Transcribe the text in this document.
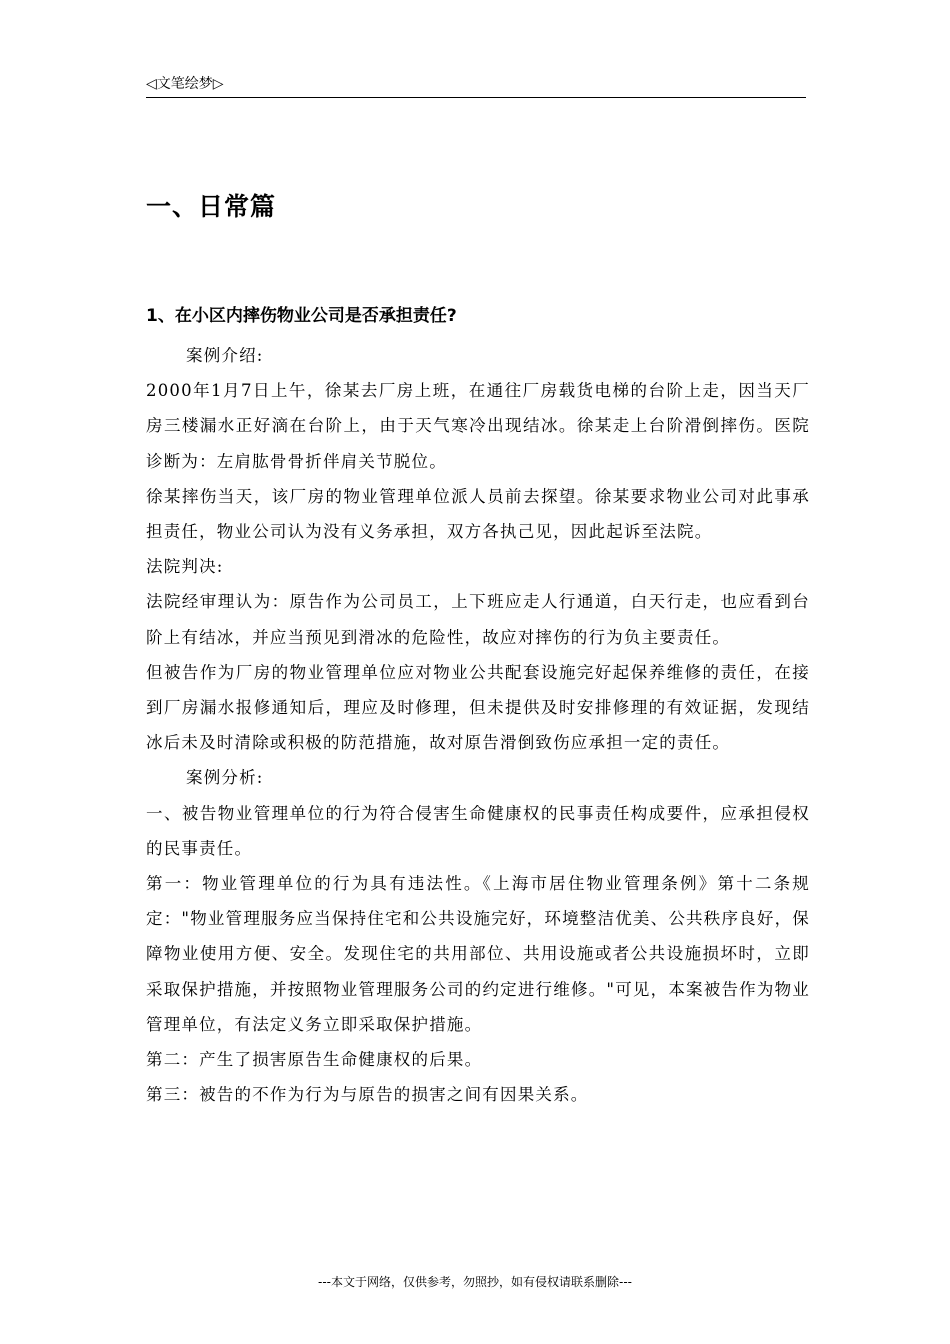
◁文笔绘梦▷
一、日常篇
1、在小区内摔伤物业公司是否承担责任?

案例介绍:

2000年1月7日上午，徐某去厂房上班，在通往厂房载货电梯的台阶上走，因当天厂房三楼漏水正好滴在台阶上，由于天气寒冷出现结冰。徐某走上台阶滑倒摔伤。医院诊断为：左肩肱骨骨折伴肩关节脱位。

徐某摔伤当天，该厂房的物业管理单位派人员前去探望。徐某要求物业公司对此事承担责任，物业公司认为没有义务承担，双方各执己见，因此起诉至法院。

法院判决:

法院经审理认为：原告作为公司员工，上下班应走人行通道，白天行走，也应看到台阶上有结冰，并应当预见到滑冰的危险性，故应对摔伤的行为负主要责任。

但被告作为厂房的物业管理单位应对物业公共配套设施完好起保养维修的责任，在接到厂房漏水报修通知后，理应及时修理，但未提供及时安排修理的有效证据，发现结冰后未及时清除或积极的防范措施，故对原告滑倒致伤应承担一定的责任。

案例分析:

一、被告物业管理单位的行为符合侵害生命健康权的民事责任构成要件，应承担侵权的民事责任。

第一：物业管理单位的行为具有违法性。《上海市居住物业管理条例》第十二条规定："物业管理服务应当保持住宅和公共设施完好，环境整洁优美、公共秩序良好，保障物业使用方便、安全。发现住宅的共用部位、共用设施或者公共设施损坏时，立即采取保护措施，并按照物业管理服务公司的约定进行维修。"可见，本案被告作为物业管理单位，有法定义务立即采取保护措施。

第二：产生了损害原告生命健康权的后果。

第三：被告的不作为行为与原告的损害之间有因果关系。

---本文于网络，仅供参考，勿照抄，如有侵权请联系删除---
